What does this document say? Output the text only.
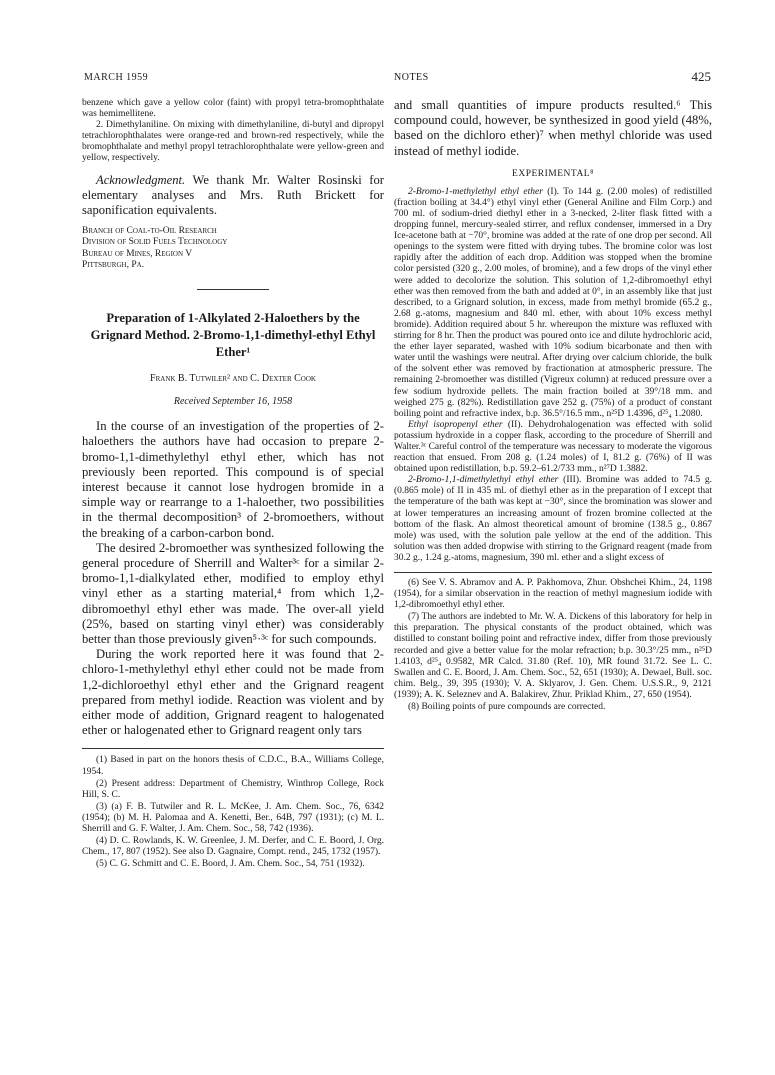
MARCH 1959	NOTES	425

benzene which gave a yellow color (faint) with propyl tetra-bromophthalate was hemimellitene.

2. Dimethylaniline. On mixing with dimethylaniline, di-butyl and dipropyl tetrachlorophthalates were orange-red and brown-red respectively, while the bromophthalate and methyl propyl tetrachlorophthalate were yellow-green and yellow, respectively.

Acknowledgment. We thank Mr. Walter Rosinski for elementary analyses and Mrs. Ruth Brickett for saponification equivalents.

Branch of Coal-to-Oil Research
Division of Solid Fuels Technology
Bureau of Mines, Region V
Pittsburgh, Pa.
Preparation of 1-Alkylated 2-Haloethers by the Grignard Method. 2-Bromo-1,1-dimethyl-ethyl Ethyl Ether¹
Frank B. Tutwiler² and C. Dexter Cook
Received September 16, 1958

In the course of an investigation of the properties of 2-haloethers the authors have had occasion to prepare 2-bromo-1,1-dimethylethyl ethyl ether, which has not previously been reported. This compound is of special interest because it cannot lose hydrogen bromide in a simple way or rearrange to a 1-haloether, two possibilities in the thermal decomposition³ of 2-bromoethers, without the breaking of a carbon-carbon bond.

The desired 2-bromoether was synthesized following the general procedure of Sherrill and Walter³ᶜ for a similar 2-bromo-1,1-dialkylated ether, modified to employ ethyl vinyl ether as a starting material,⁴ from which 1,2-dibromoethyl ethyl ether was made. The over-all yield (25%, based on starting vinyl ether) was considerably better than those previously given⁵·³ᶜ for such compounds.

During the work reported here it was found that 2-chloro-1-methylethyl ethyl ether could not be made from 1,2-dichloroethyl ethyl ether and the Grignard reagent prepared from methyl iodide. Reaction was violent and by either mode of addition, Grignard reagent to halogenated ether or halogenated ether to Grignard reagent only tars

(1) Based in part on the honors thesis of C.D.C., B.A., Williams College, 1954.

(2) Present address: Department of Chemistry, Winthrop College, Rock Hill, S. C.

(3) (a) F. B. Tutwiler and R. L. McKee, J. Am. Chem. Soc., 76, 6342 (1954); (b) M. H. Palomaa and A. Kenetti, Ber., 64B, 797 (1931); (c) M. L. Sherrill and G. F. Walter, J. Am. Chem. Soc., 58, 742 (1936).

(4) D. C. Rowlands, K. W. Greenlee, J. M. Derfer, and C. E. Boord, J. Org. Chem., 17, 807 (1952). See also D. Gagnaire, Compt. rend., 245, 1732 (1957).

(5) C. G. Schmitt and C. E. Boord, J. Am. Chem. Soc., 54, 751 (1932).

and small quantities of impure products resulted.⁶ This compound could, however, be synthesized in good yield (48%, based on the dichloro ether)⁷ when methyl chloride was used instead of methyl iodide.

EXPERIMENTAL⁸

2-Bromo-1-methylethyl ethyl ether (I). To 144 g. (2.00 moles) of redistilled (fraction boiling at 34.4°) ethyl vinyl ether (General Aniline and Film Corp.) and 700 ml. of sodium-dried diethyl ether in a 3-necked, 2-liter flask fitted with a dropping funnel, mercury-sealed stirrer, and reflux condenser, immersed in a Dry Ice-acetone bath at −70°, bromine was added at the rate of one drop per second. All openings to the system were fitted with drying tubes. The bromine color was lost rapidly after the addition of each drop. Addition was stopped when the bromine color persisted (320 g., 2.00 moles, of bromine), and a few drops of the vinyl ether were added to decolorize the solution. This solution of 1,2-dibromoethyl ethyl ether was then removed from the bath and added at 0°, in an assembly like that just described, to a Grignard solution, in excess, made from methyl bromide (65.2 g., 2.68 g.-atoms, magnesium and 840 ml. ether, with about 10% excess methyl bromide). Addition required about 5 hr. whereupon the mixture was refluxed with stirring for 8 hr. Then the product was poured onto ice and dilute hydrochloric acid, the ether layer separated, washed with 10% sodium bicarbonate and then with water until the washings were neutral. After drying over calcium chloride, the bulk of the solvent ether was removed by fractionation at atmospheric pressure. The remaining 2-bromoether was distilled (Vigreux column) at reduced pressure over a few sodium hydroxide pellets. The main fraction boiled at 39°/18 mm. and weighed 275 g. (82%). Redistillation gave 252 g. (75%) of a product of constant boiling point and refractive index, b.p. 36.5°/16.5 mm., n²⁵D 1.4396, d²⁵₄ 1.2080.

Ethyl isopropenyl ether (II). Dehydrohalogenation was effected with solid potassium hydroxide in a copper flask, according to the procedure of Sherrill and Walter.³ᶜ Careful control of the temperature was necessary to moderate the vigorous reaction that ensued. From 208 g. (1.24 moles) of I, 81.2 g. (76%) of II was obtained upon redistillation, b.p. 59.2–61.2/733 mm., n²⁷D 1.3882.

2-Bromo-1,1-dimethylethyl ethyl ether (III). Bromine was added to 74.5 g. (0.865 mole) of II in 435 ml. of diethyl ether as in the preparation of I except that the temperature of the bath was kept at −30°, since the bromination was slower and at lower temperatures an increasing amount of frozen bromine collected at the bottom of the flask. An almost theoretical amount of bromine (138.5 g., 0.867 mole) was used, with the solution pale yellow at the end of the addition. This solution was then added dropwise with stirring to the Grignard reagent (made from 30.2 g., 1.24 g.-atoms, magnesium, 390 ml. ether and a slight excess of

(6) See V. S. Abramov and A. P. Pakhomova, Zhur. Obshchei Khim., 24, 1198 (1954), for a similar observation in the reaction of methyl magnesium iodide with 1,2-dibromoethyl ethyl ether.

(7) The authors are indebted to Mr. W. A. Dickens of this laboratory for help in this preparation. The physical constants of the product obtained, which was distilled to constant boiling point and refractive index, differ from those previously recorded and give a better value for the molar refraction; b.p. 30.3°/25 mm., n²⁵D 1.4103, d²⁵₄ 0.9582, MR Calcd. 31.80 (Ref. 10), MR found 31.72. See L. C. Swallen and C. E. Boord, J. Am. Chem. Soc., 52, 651 (1930); A. Dewael, Bull. soc. chim. Belg., 39, 395 (1930); V. A. Sklyarov, J. Gen. Chem. U.S.S.R., 9, 2121 (1939); A. K. Seleznev and A. Balakirev, Zhur. Priklad Khim., 27, 650 (1954).

(8) Boiling points of pure compounds are corrected.
